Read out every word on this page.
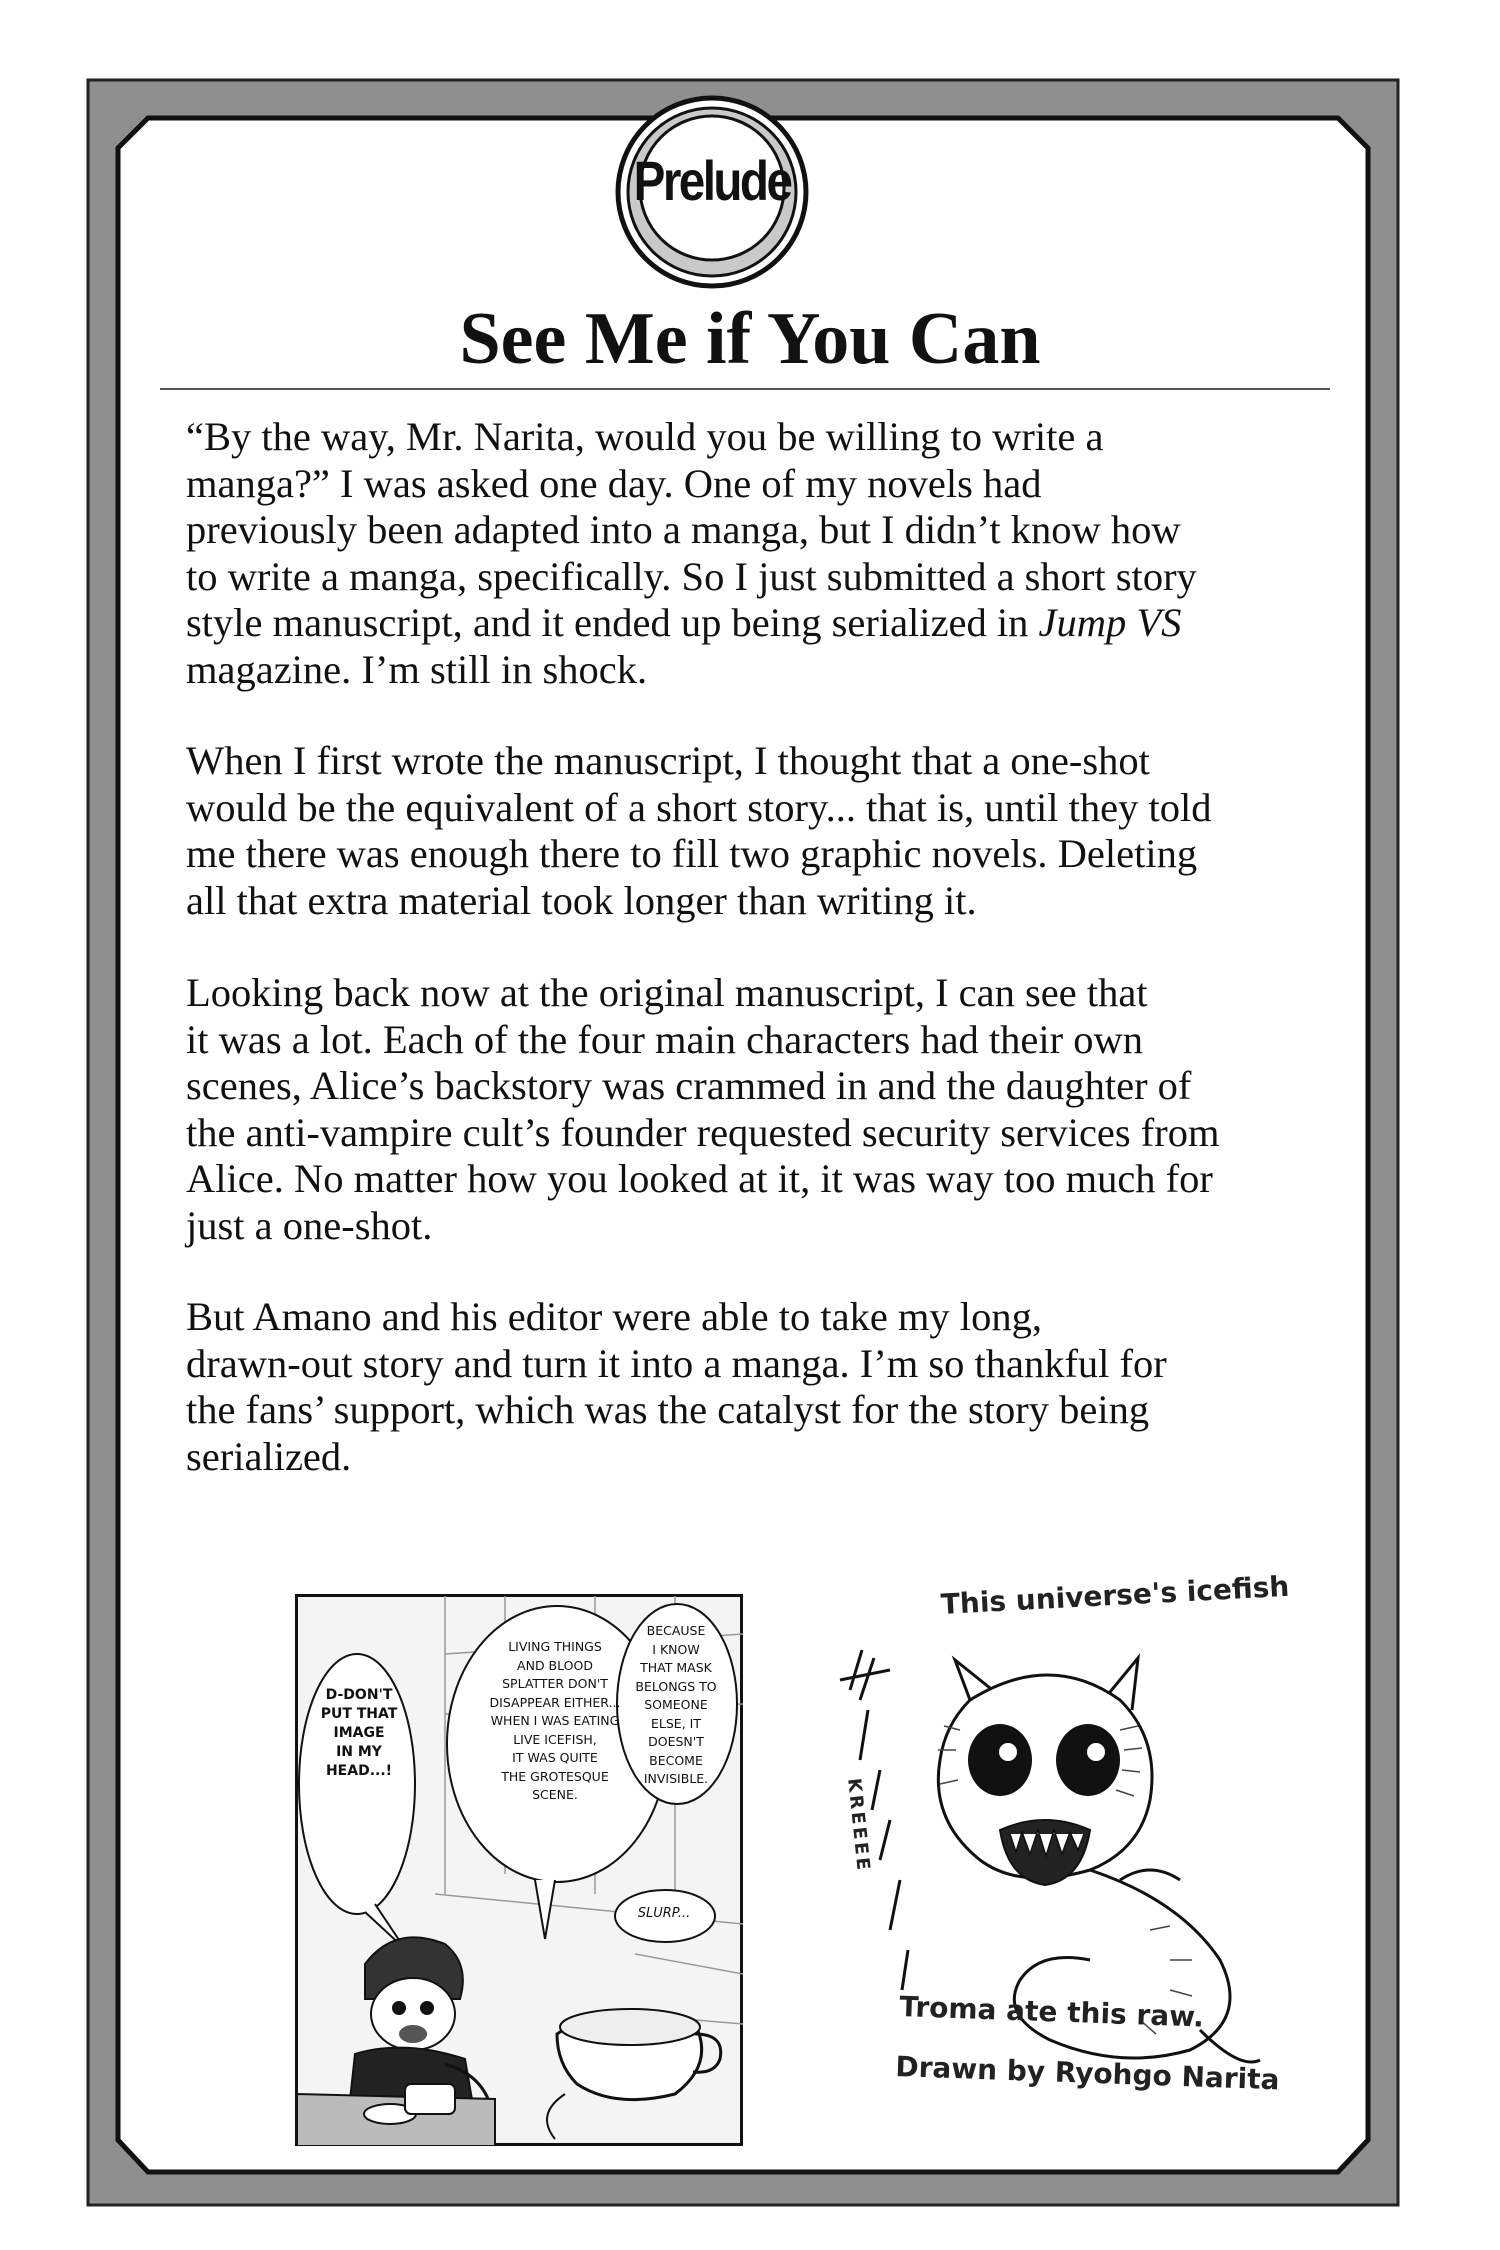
Prelude
See Me if You Can

“By the way, Mr. Narita, would you be willing to write a
manga?” I was asked one day. One of my novels had
previously been adapted into a manga, but I didn’t know how
to write a manga, specifically. So I just submitted a short story
style manuscript, and it ended up being serialized in Jump VS
magazine. I’m still in shock.

When I first wrote the manuscript, I thought that a one-shot
would be the equivalent of a short story... that is, until they told
me there was enough there to fill two graphic novels. Deleting
all that extra material took longer than writing it.

Looking back now at the original manuscript, I can see that
it was a lot. Each of the four main characters had their own
scenes, Alice’s backstory was crammed in and the daughter of
the anti-vampire cult’s founder requested security services from
Alice. No matter how you looked at it, it was way too much for
just a one-shot.

But Amano and his editor were able to take my long,
drawn-out story and turn it into a manga. I’m so thankful for
the fans’ support, which was the catalyst for the story being
serialized.

D-DON'T
PUT THAT
IMAGE
IN MY
HEAD...!
LIVING THINGS
AND BLOOD
SPLATTER DON'T
DISAPPEAR EITHER...
WHEN I WAS EATING
LIVE ICEFISH,
IT WAS QUITE
THE GROTESQUE
SCENE.
BECAUSE
I KNOW
THAT MASK
BELONGS TO
SOMEONE
ELSE, IT
DOESN'T
BECOME
INVISIBLE.
SLURP...
This universe's icefish
KREEEE
Troma ate this raw.
Drawn by Ryohgo Narita
